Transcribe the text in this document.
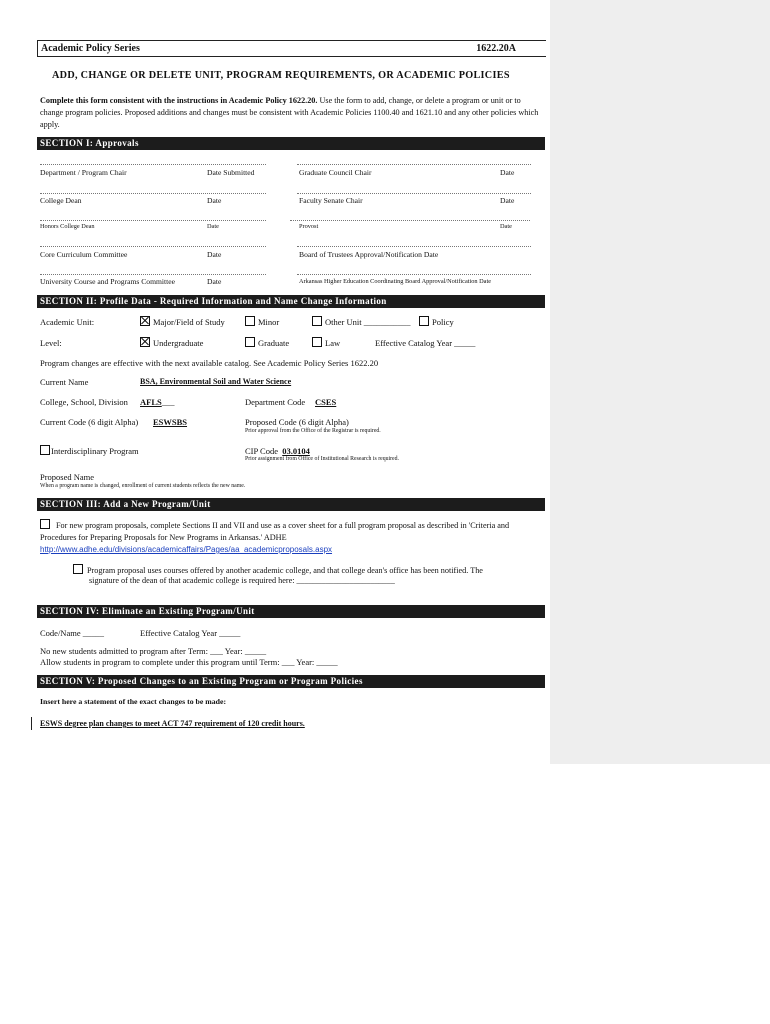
Academic Policy Series	1622.20A
ADD, CHANGE OR DELETE UNIT, PROGRAM REQUIREMENTS, OR ACADEMIC POLICIES
Complete this form consistent with the instructions in Academic Policy 1622.20. Use the form to add, change, or delete a program or unit or to change program policies. Proposed additions and changes must be consistent with Academic Policies 1100.40 and 1621.10 and any other policies which apply.
SECTION I: Approvals
Department / Program Chair	Date Submitted
College Dean	Date
Honors College Dean	Date
Core Curriculum Committee	Date
University Course and Programs Committee	Date
Graduate Council Chair	Date
Faculty Senate Chair	Date
Provost	Date
Board of Trustees Approval/Notification Date
Arkansas Higher Education Coordinating Board Approval/Notification Date
SECTION II: Profile Data - Required Information and Name Change Information
Academic Unit:	Major/Field of Study	Minor	Other Unit ___________	Policy
Level:	Undergraduate	Graduate	Law	Effective Catalog Year _____
Program changes are effective with the next available catalog. See Academic Policy Series 1622.20
Current Name	BSA, Environmental Soil and Water Science
College, School, Division AFLS___	Department Code CSES
Current Code (6 digit Alpha) ESWSBS	Proposed Code (6 digit Alpha)
Prior approval from the Office of the Registrar is required.
Interdisciplinary Program	CIP Code 03.0104
Prior assignment from Office of Institutional Research is required.
Proposed Name
When a program name is changed, enrollment of current students reflects the new name.
SECTION III: Add a New Program/Unit
For new program proposals, complete Sections II and VII and use as a cover sheet for a full program proposal as described in 'Criteria and Procedures for Preparing Proposals for New Programs in Arkansas.' ADHE
http://www.adhe.edu/divisions/academicaffairs/Pages/aa_academicproposals.aspx
Program proposal uses courses offered by another academic college, and that college dean's office has been notified. The
signature of the dean of that academic college is required here: ________________________
SECTION IV: Eliminate an Existing Program/Unit
Code/Name _____	Effective Catalog Year _____
No new students admitted to program after Term: ___ Year: _____
Allow students in program to complete under this program until Term: ___ Year: _____
SECTION V: Proposed Changes to an Existing Program or Program Policies
Insert here a statement of the exact changes to be made:
ESWS degree plan changes to meet ACT 747 requirement of 120 credit hours.
